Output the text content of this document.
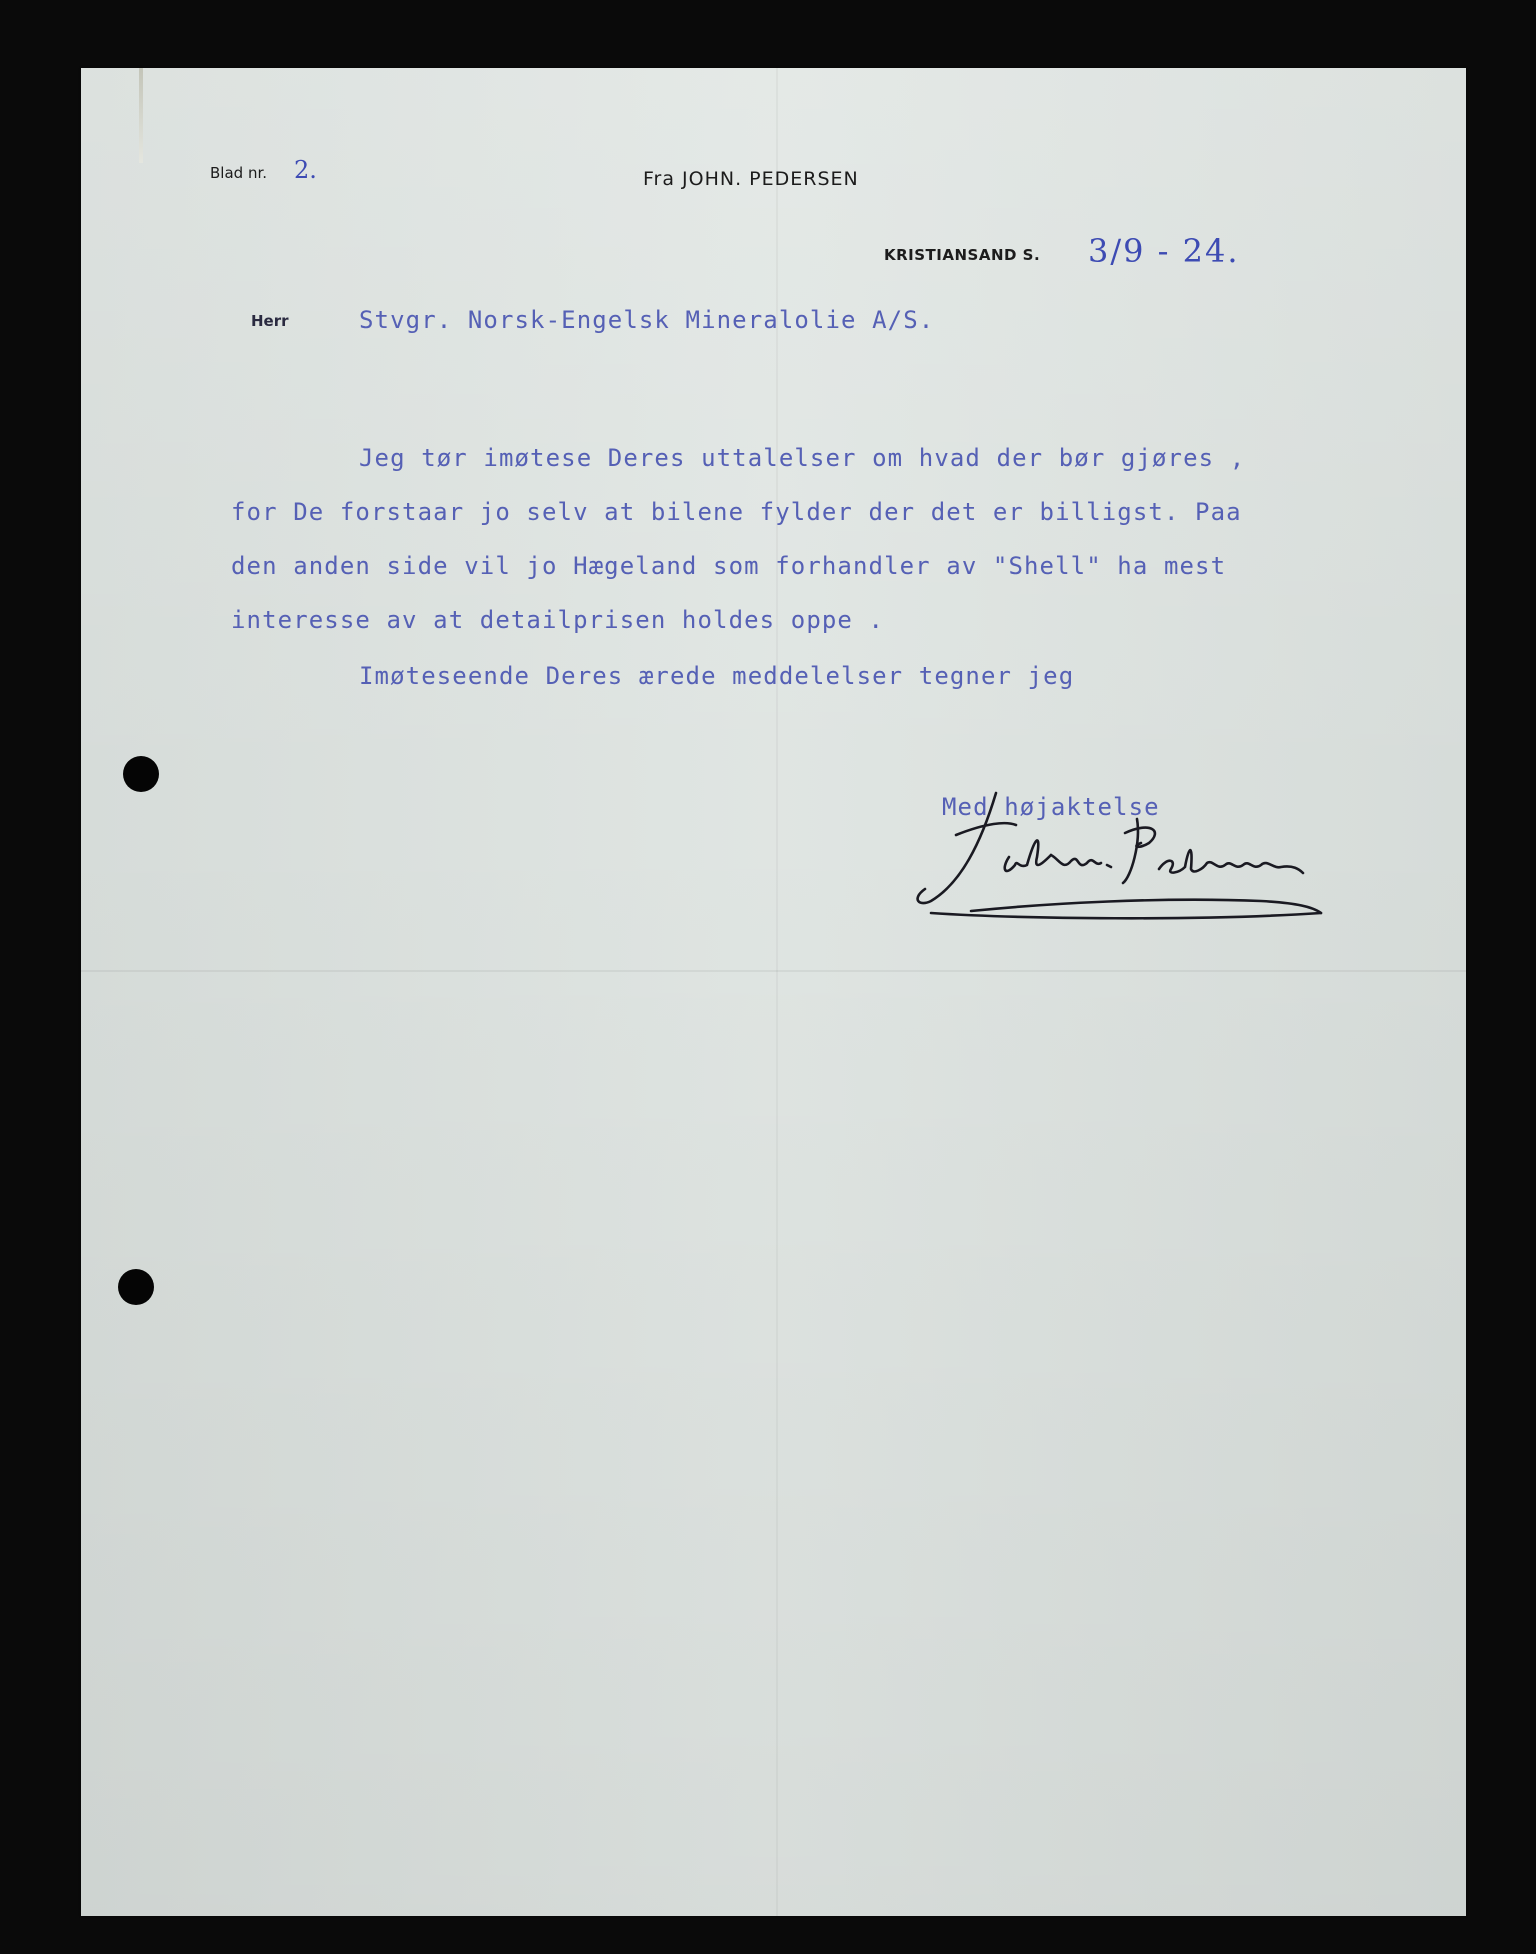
Blad nr. 2.	Fra JOHN. PEDERSEN
KRISTIANSAND S. 3/9 - 24.
Herr	Stvgr. Norsk-Engelsk Mineralolie A/S.
Jeg tør imøtese Deres uttalelser om hvad der bør gjøres ,
for De forstaar jo selv at bilene fylder der det er billigst. Paa
den anden side vil jo Hægeland som forhandler av "Shell" ha mest
interesse av at detailprisen holdes oppe .
Imøteseende Deres ærede meddelelser tegner jeg
Med højaktelse
